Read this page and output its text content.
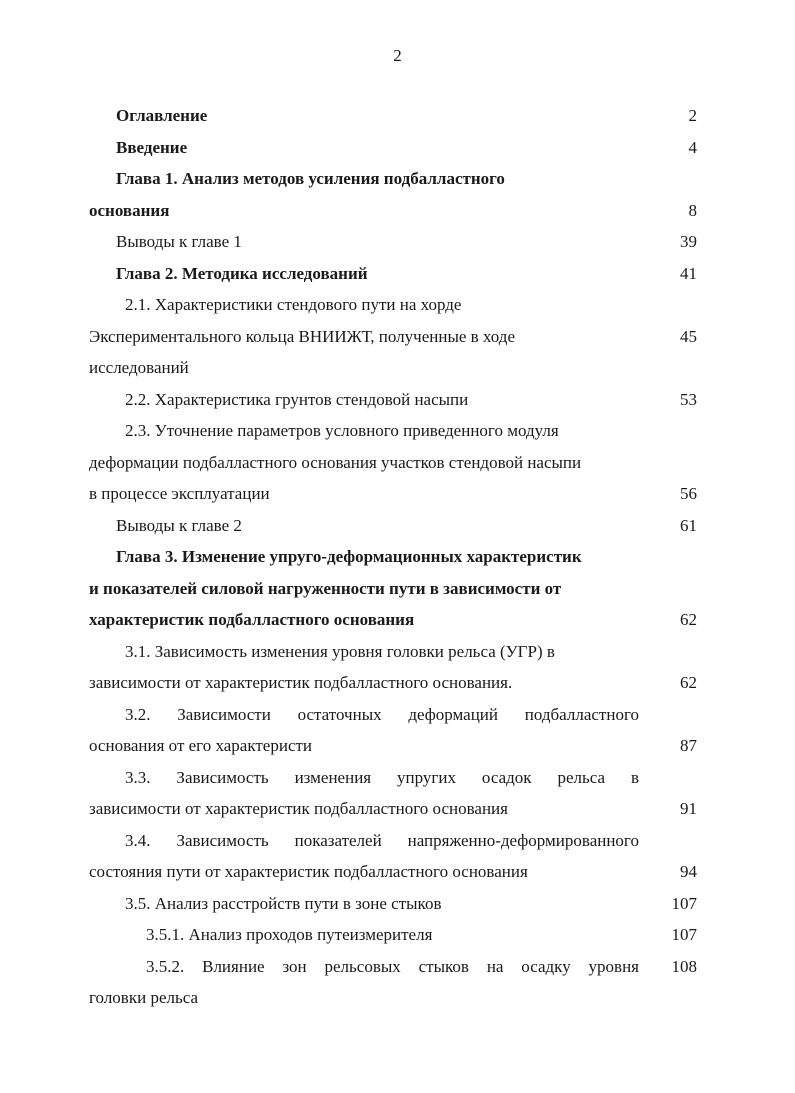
2
Оглавление	2
Введение	4
Глава 1. Анализ методов усиления подбалластного
основания	8
Выводы к главе 1	39
Глава 2. Методика исследований	41
2.1. Характеристики стендового пути на хорде
Экспериментального кольца ВНИИЖТ, полученные в ходе	45
исследований
2.2. Характеристика грунтов стендовой насыпи	53
2.3. Уточнение параметров условного приведенного модуля
деформации подбалластного основания участков стендовой насыпи
в процессе эксплуатации	56
Выводы к главе 2	61
Глава 3. Изменение упруго-деформационных характеристик
и показателей силовой нагруженности пути в зависимости от
характеристик подбалластного основания	62
3.1. Зависимость изменения уровня головки рельса (УГР) в
зависимости от характеристик подбалластного основания.	62
3.2. Зависимости остаточных деформаций подбалластного
основания от его характеристи	87
3.3. Зависимость изменения упругих осадок рельса в
зависимости от характеристик подбалластного основания	91
3.4. Зависимость показателей напряженно-деформированного
состояния пути от характеристик подбалластного основания	94
3.5. Анализ расстройств пути в зоне стыков	107
3.5.1. Анализ проходов путеизмерителя	107
3.5.2. Влияние зон рельсовых стыков на осадку уровня	108
головки рельса
